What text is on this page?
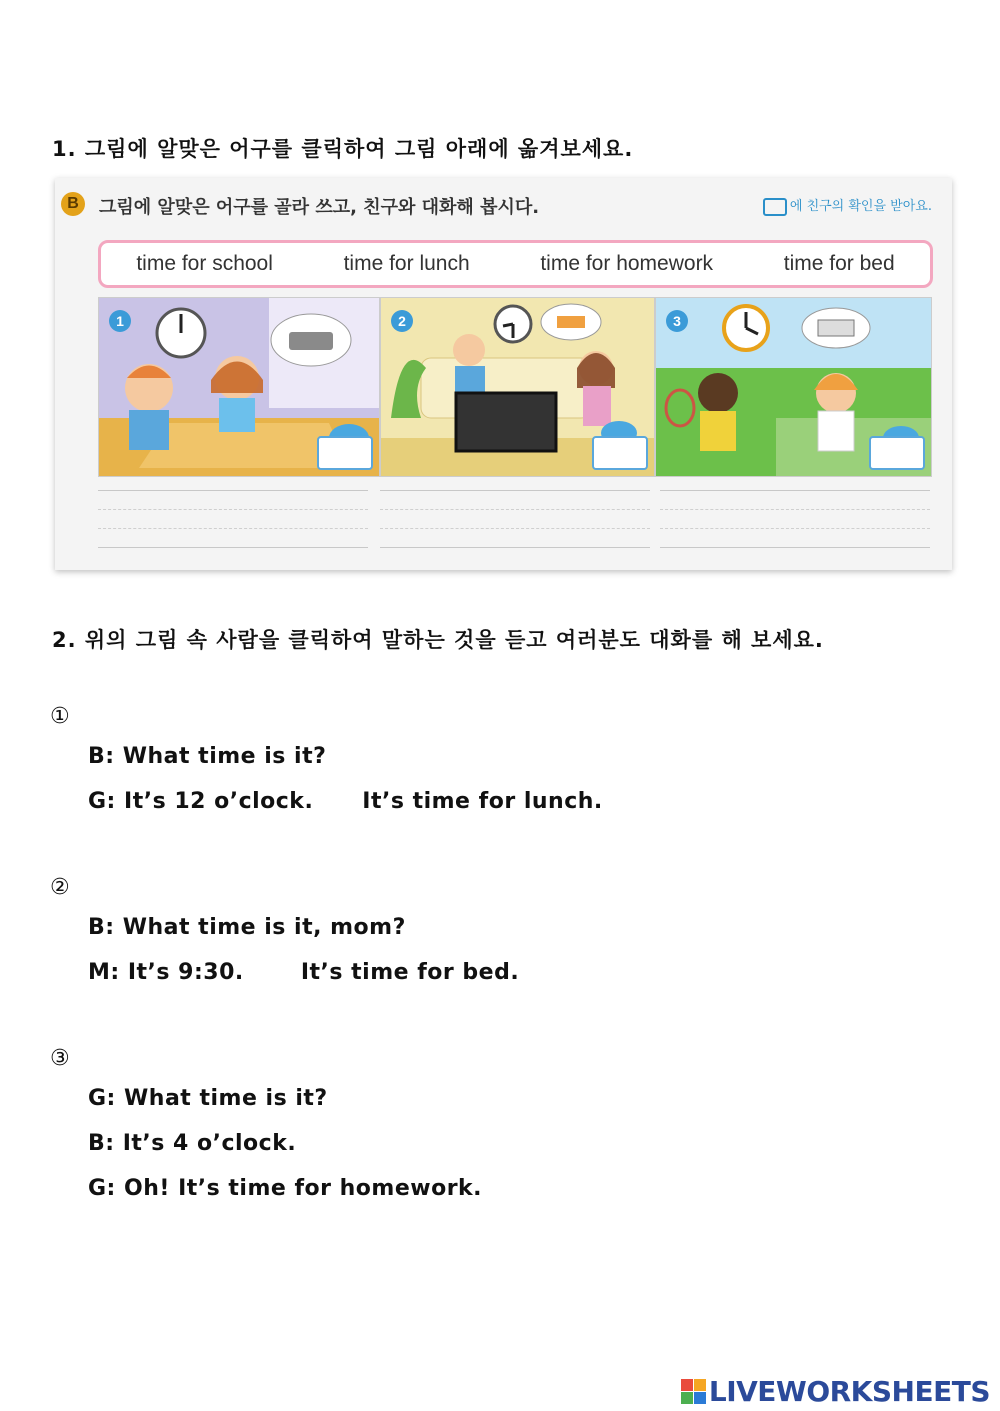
1. 그림에 알맞은 어구를 클릭하여 그림 아래에 옮겨보세요.
B	그림에 알맞은 어구를 골라 쓰고, 친구와 대화해 봅시다.	에 친구의 확인을 받아요.
time for school	time for lunch	time for homework	time for bed
1	2	3
2. 위의 그림 속 사람을 클릭하여 말하는 것을 듣고 여러분도 대화를 해 보세요.
①
B: What time is it?
G: It’s 12 o’clock.      It’s time for lunch.
②
B: What time is it, mom?
M: It’s 9:30.       It’s time for bed.
③
G: What time is it?
B: It’s 4 o’clock.
G: Oh! It’s time for homework.
LIVEWORKSHEETS
